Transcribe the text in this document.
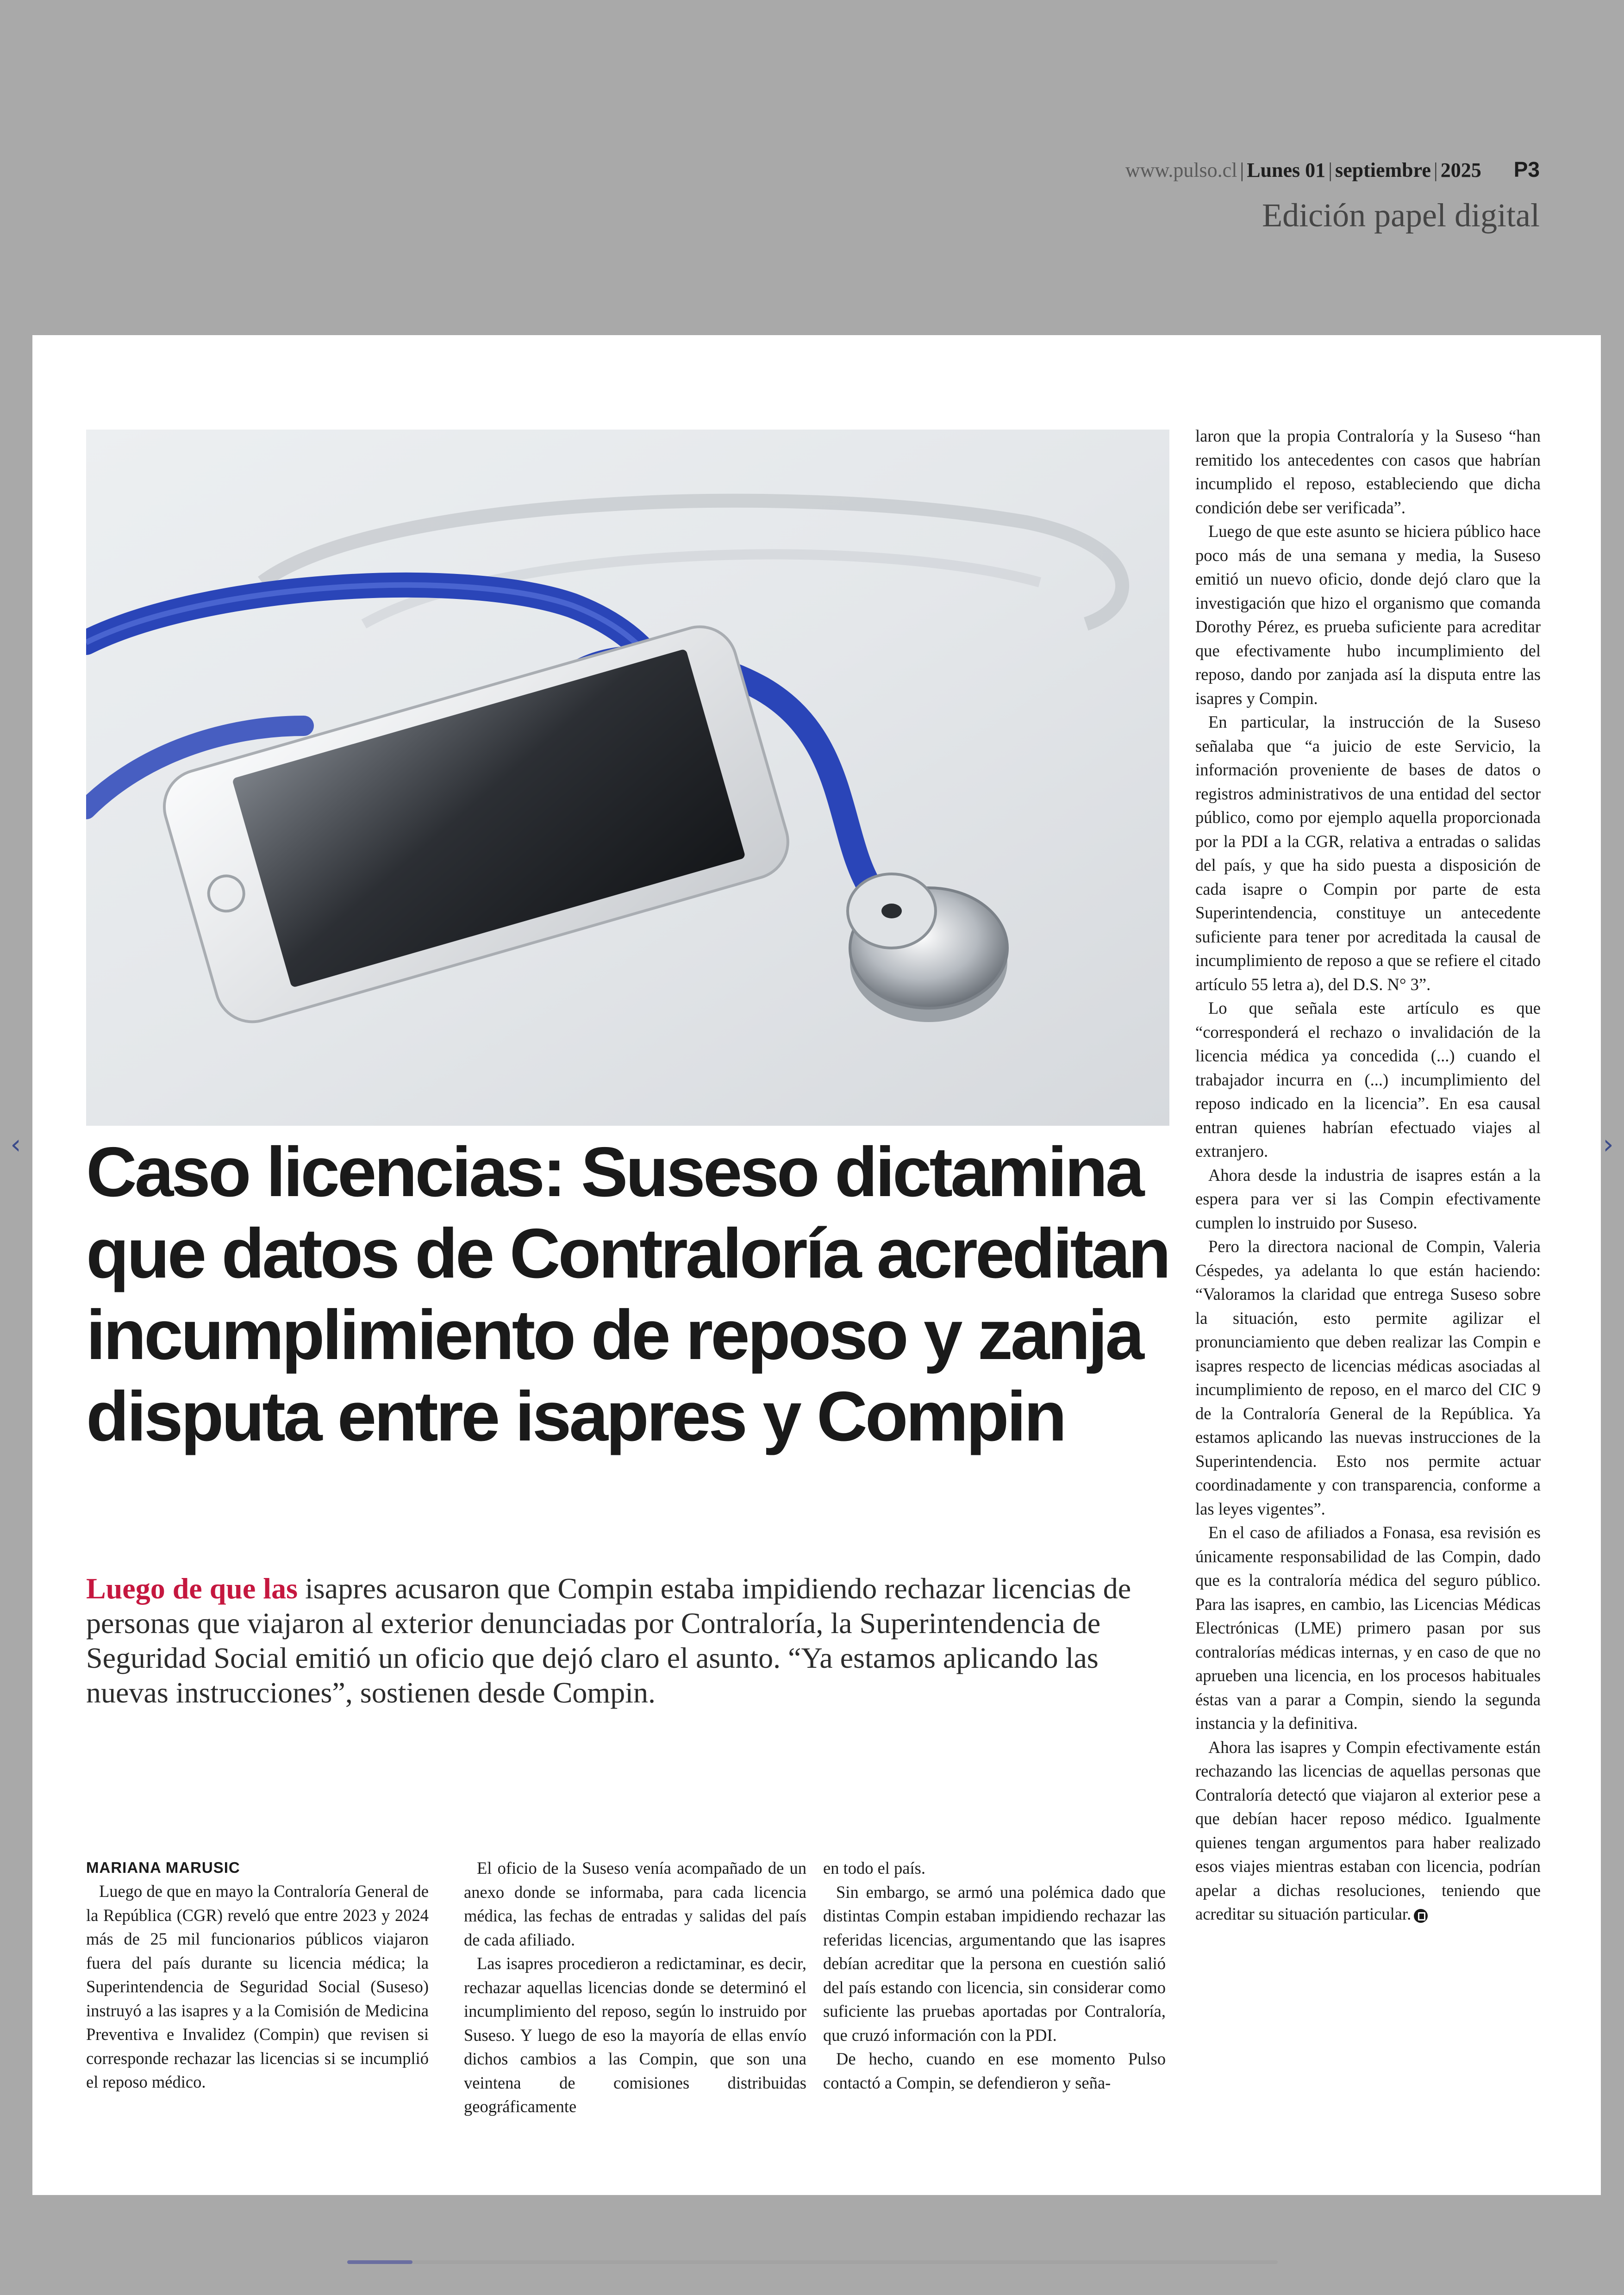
www.pulso.cl | Lunes 01 | septiembre | 2025 P3
Edición papel digital
‹	›
Caso licencias: Suseso dictamina que datos de Contraloría acreditan incumplimiento de reposo y zanja disputa entre isapres y Compin

Luego de que las isapres acusaron que Compin estaba impidiendo rechazar licencias de personas que viajaron al exterior denunciadas por Contraloría, la Superintendencia de Seguridad Social emitió un oficio que dejó claro el asunto. “Ya estamos aplicando las nuevas instrucciones”, sostienen desde Compin.

MARIANA MARUSIC

Luego de que en mayo la Contraloría General de la República (CGR) reveló que entre 2023 y 2024 más de 25 mil funcionarios públicos viajaron fuera del país durante su licencia médica; la Superintendencia de Seguridad Social (Suseso) instruyó a las isapres y a la Comisión de Medicina Preventiva e Invalidez (Compin) que revisen si corresponde rechazar las licencias si se incumplió el reposo médico.

El oficio de la Suseso venía acompañado de un anexo donde se informaba, para cada licencia médica, las fechas de entradas y salidas del país de cada afiliado.

Las isapres procedieron a redictaminar, es decir, rechazar aquellas licencias donde se determinó el incumplimiento del reposo, según lo instruido por Suseso. Y luego de eso la mayoría de ellas envío dichos cambios a las Compin, que son una veintena de comisiones distribuidas geográficamente

en todo el país.

Sin embargo, se armó una polémica dado que distintas Compin estaban impidiendo rechazar las referidas licencias, argumentando que las isapres debían acreditar que la persona en cuestión salió del país estando con licencia, sin considerar como suficiente las pruebas aportadas por Contraloría, que cruzó información con la PDI.

De hecho, cuando en ese momento Pulso contactó a Compin, se defendieron y seña-

laron que la propia Contraloría y la Suseso “han remitido los antecedentes con casos que habrían incumplido el reposo, estableciendo que dicha condición debe ser verificada”.

Luego de que este asunto se hiciera público hace poco más de una semana y media, la Suseso emitió un nuevo oficio, donde dejó claro que la investigación que hizo el organismo que comanda Dorothy Pérez, es prueba suficiente para acreditar que efectivamente hubo incumplimiento del reposo, dando por zanjada así la disputa entre las isapres y Compin.

En particular, la instrucción de la Suseso señalaba que “a juicio de este Servicio, la información proveniente de bases de datos o registros administrativos de una entidad del sector público, como por ejemplo aquella proporcionada por la PDI a la CGR, relativa a entradas o salidas del país, y que ha sido puesta a disposición de cada isapre o Compin por parte de esta Superintendencia, constituye un antecedente suficiente para tener por acreditada la causal de incumplimiento de reposo a que se refiere el citado artículo 55 letra a), del D.S. N° 3”.

Lo que señala este artículo es que “corresponderá el rechazo o invalidación de la licencia médica ya concedida (...) cuando el trabajador incurra en (...) incumplimiento del reposo indicado en la licencia”. En esa causal entran quienes habrían efectuado viajes al extranjero.

Ahora desde la industria de isapres están a la espera para ver si las Compin efectivamente cumplen lo instruido por Suseso.

Pero la directora nacional de Compin, Valeria Céspedes, ya adelanta lo que están haciendo: “Valoramos la claridad que entrega Suseso sobre la situación, esto permite agilizar el pronunciamiento que deben realizar las Compin e isapres respecto de licencias médicas asociadas al incumplimiento de reposo, en el marco del CIC 9 de la Contraloría General de la República. Ya estamos aplicando las nuevas instrucciones de la Superintendencia. Esto nos permite actuar coordinadamente y con transparencia, conforme a las leyes vigentes”.

En el caso de afiliados a Fonasa, esa revisión es únicamente responsabilidad de las Compin, dado que es la contraloría médica del seguro público. Para las isapres, en cambio, las Licencias Médicas Electrónicas (LME) primero pasan por sus contralorías médicas internas, y en caso de que no aprueben una licencia, en los procesos habituales éstas van a parar a Compin, siendo la segunda instancia y la definitiva.

Ahora las isapres y Compin efectivamente están rechazando las licencias de aquellas personas que Contraloría detectó que viajaron al exterior pese a que debían hacer reposo médico. Igualmente quienes tengan argumentos para haber realizado esos viajes mientras estaban con licencia, podrían apelar a dichas resoluciones, teniendo que acreditar su situación particular.
